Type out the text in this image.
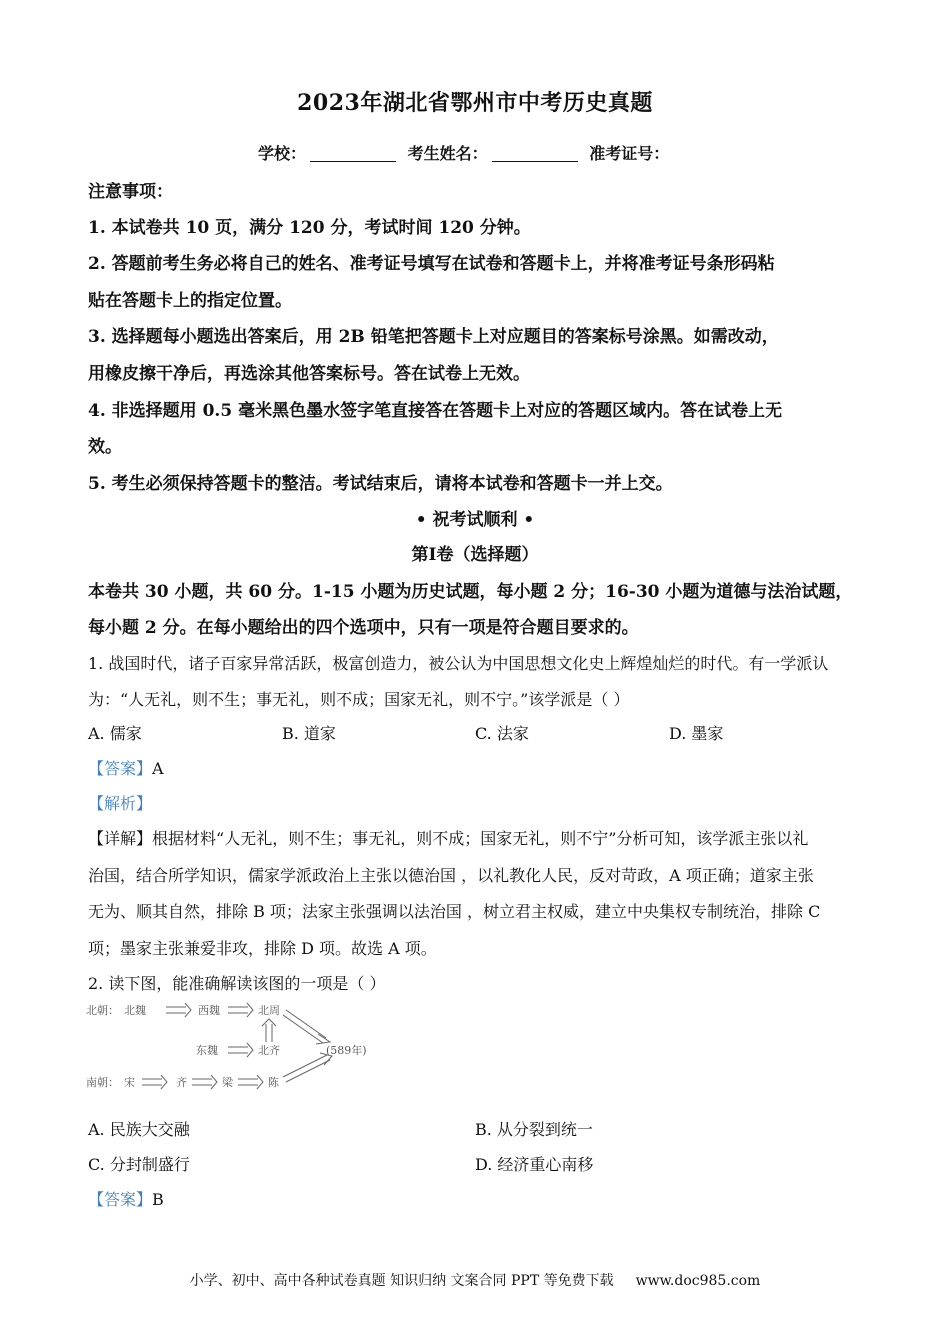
2023年湖北省鄂州市中考历史真题
学校：	考生姓名：	准考证号：
注意事项：
1. 本试卷共 10 页，满分 120 分，考试时间 120 分钟。
2. 答题前考生务必将自己的姓名、准考证号填写在试卷和答题卡上，并将准考证号条形码粘
贴在答题卡上的指定位置。
3. 选择题每小题选出答案后，用 2B 铅笔把答题卡上对应题目的答案标号涂黑。如需改动，
用橡皮擦干净后，再选涂其他答案标号。答在试卷上无效。
4. 非选择题用 0.5 毫米黑色墨水签字笔直接答在答题卡上对应的答题区域内。答在试卷上无
效。
5. 考生必须保持答题卡的整洁。考试结束后，请将本试卷和答题卡一并上交。
• 祝考试顺利 •
第Ⅰ卷（选择题）
本卷共 30 小题，共 60 分。1-15 小题为历史试题，每小题 2 分；16-30 小题为道德与法治试题，
每小题 2 分。在每小题给出的四个选项中，只有一项是符合题目要求的。
1. 战国时代，诸子百家异常活跃，极富创造力，被公认为中国思想文化史上辉煌灿烂的时代。有一学派认
为：“人无礼，则不生；事无礼，则不成；国家无礼，则不宁。”该学派是（ ）
A. 儒家	B. 道家	C. 法家	D. 墨家
【答案】A
【解析】
【详解】根据材料“人无礼，则不生；事无礼，则不成；国家无礼，则不宁”分析可知，该学派主张以礼
治国，结合所学知识，儒家学派政治上主张以德治国 ，以礼教化人民，反对苛政，A 项正确；道家主张
无为、顺其自然，排除 B 项；法家主张强调以法治国 ，树立君主权威，建立中央集权专制统治，排除 C
项；墨家主张兼爱非攻，排除 D 项。故选 A 项。
2. 读下图，能准确解读该图的一项是（ ）
北朝： 北魏	西魏	北周
东魏	北齐	(589年)
南朝： 宋	齐	梁	陈
A. 民族大交融	B. 从分裂到统一
C. 分封制盛行	D. 经济重心南移
【答案】B
小学、初中、高中各种试卷真题 知识归纳 文案合同 PPT 等免费下载 www.doc985.com
